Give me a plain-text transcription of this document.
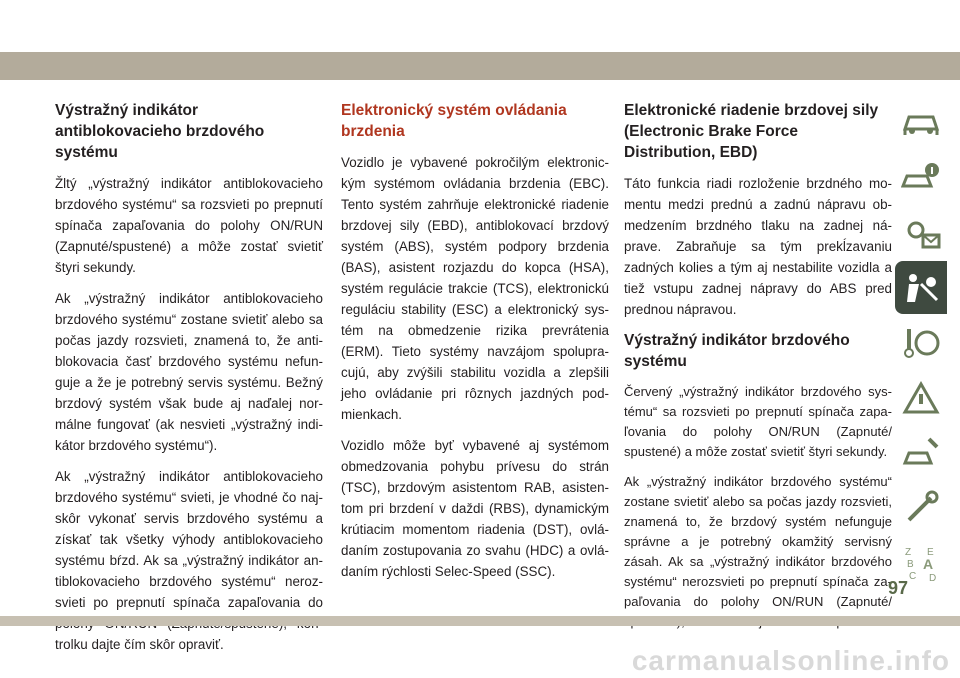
Výstražný indikátor antiblokovacieho brzdového systému

Žltý „výstražný indikátor antiblokovacieho brzdového systému“ sa rozsvieti po prepnutí spínača zapaľovania do polohy ON/RUN (Zapnuté/spustené) a môže zostať svietiť štyri sekundy.

Ak „výstražný indikátor antiblokovacieho brzdového systému“ zostane svietiť alebo sa počas jazdy rozsvieti, znamená to, že anti-blokovacia časť brzdového systému nefun-guje a že je potrebný servis systému. Bežný brzdový systém však bude aj naďalej nor-málne fungovať (ak nesvieti „výstražný indi-kátor brzdového systému“).

Ak „výstražný indikátor antiblokovacieho brzdového systému“ svieti, je vhodné čo naj-skôr vykonať servis brzdového systému a získať tak všetky výhody antiblokovacieho systému bŕzd. Ak sa „výstražný indikátor an-tiblokovacieho brzdového systému“ neroz-svieti po prepnutí spínača zapaľovania do trolku dajte čím skôr opraviť.

Elektronický systém ovládania brzdenia

Vozidlo je vybavené pokročilým elektronic-kým systémom ovládania brzdenia (EBC). Tento systém zahrňuje elektronické riadenie brzdovej sily (EBD), antiblokovací brzdový systém (ABS), systém podpory brzdenia (BAS), asistent rozjazdu do kopca (HSA), systém regulácie trakcie (TCS), elektronickú reguláciu stability (ESC) a elektronický sys-tém na obmedzenie rizika prevrátenia (ERM). Tieto systémy navzájom spolupra-cujú, aby zvýšili stabilitu vozidla a zlepšili jeho ovládanie pri rôznych jazdných pod-mienkach.

Vozidlo môže byť vybavené aj systémom obmedzovania pohybu prívesu do strán (TSC), brzdovým asistentom RAB, asisten-tom pri brzdení v daždi (RBS), dynamickým krútiacim momentom riadenia (DST), ovlá-daním zostupovania zo svahu (HDC) a ovlá-daním rýchlosti Selec-Speed (SSC).

Elektronické riadenie brzdovej sily (Electronic Brake Force Distribution, EBD)

Táto funkcia riadi rozloženie brzdného mo-mentu medzi prednú a zadnú nápravu ob-medzením brzdného tlaku na zadnej ná-prave. Zabraňuje sa tým prekĺzavaniu zadných kolies a tým aj nestabilite vozidla a tiež vstupu zadnej nápravy do ABS pred prednou nápravou.

Výstražný indikátor brzdového systému

Červený „výstražný indikátor brzdového sys-tému“ sa rozsvieti po prepnutí spínača zapa-ľovania do polohy ON/RUN (Zapnuté/ spustené) a môže zostať svietiť štyri sekundy.

Ak „výstražný indikátor brzdového systému“ zostane svietiť alebo sa počas jazdy rozsvieti, znamená to, že brzdový systém nefunguje správne a je potrebný okamžitý servisný zásah. Ak sa „výstražný indikátor brzdového systému“ nerozsvieti po prepnutí spínača za-paľovania do polohy ON/RUN (Zapnuté/

Z E
B A
C D
97
carmanualsonline.info
